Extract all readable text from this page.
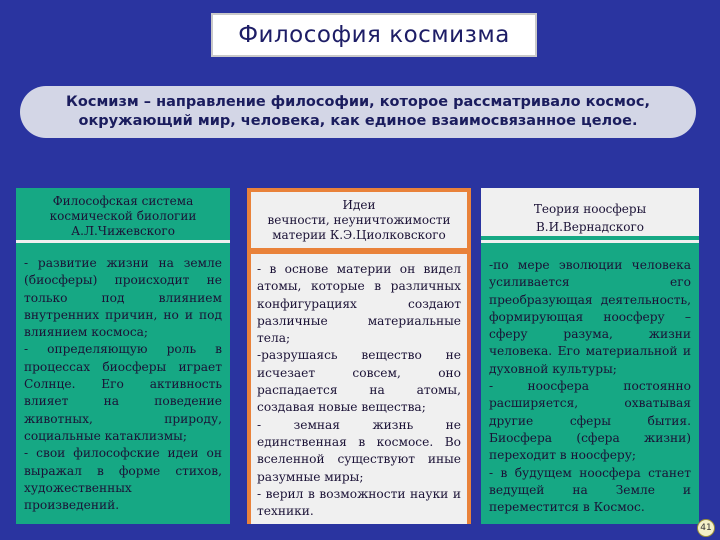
Философия космизма
Космизм – направление философии, которое рассматривало космос, окружающий мир, человека, как единое взаимосвязанное целое.
Философская система
космической биологии
А.Л.Чижевского

- развитие жизни на земле (биосферы) происходит не только под влиянием внутренних причин, но и под влиянием космоса;

- определяющую роль в процессах биосферы играет Солнце. Его активность влияет на поведение животных, природу, социальные катаклизмы;

- свои философские идеи он выражал в форме стихов, художественных произведений.

Идеи
вечности, неуничтожимости
материи К.Э.Циолковского

- в основе материи он видел атомы, которые в различных конфигурациях создают различные материальные тела;

-разрушаясь вещество не исчезает совсем, оно распадается на атомы, создавая новые вещества;

- земная жизнь не единственная в космосе. Во вселенной существуют иные разумные миры;

- верил в возможности науки и техники.

Теория ноосферы
В.И.Вернадского

-по мере эволюции человека усиливается его преобразующая деятельность, формирующая ноосферу – сферу разума, жизни человека. Его материальной и духовной культуры;

- ноосфера постоянно расширяется, охватывая другие сферы бытия. Биосфера (сфера жизни) переходит в ноосферу;

- в будущем ноосфера станет ведущей на Земле и переместится в Космос.

41
